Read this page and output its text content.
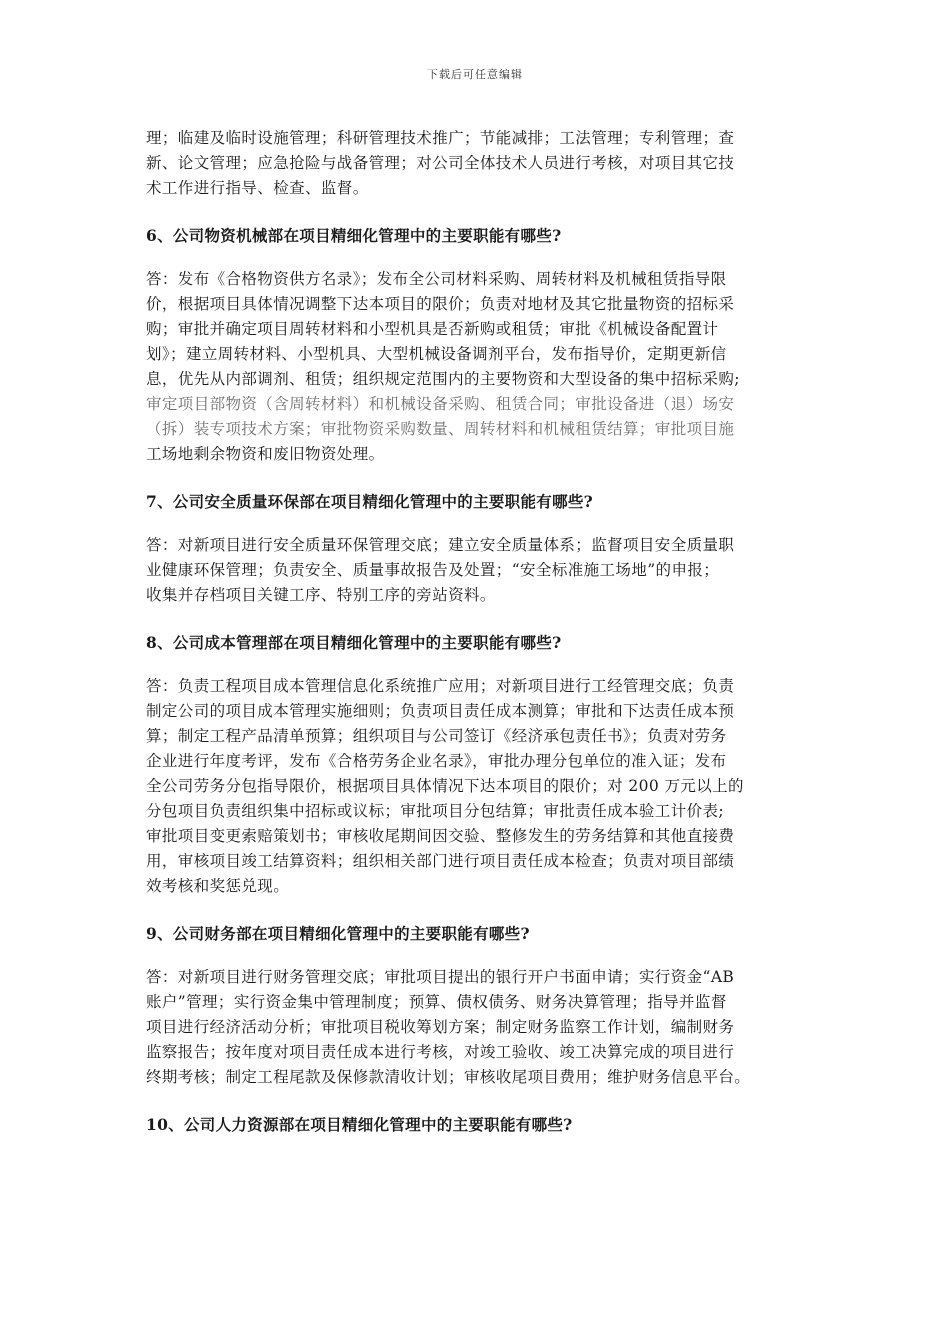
下载后可任意编辑

理；临建及临时设施管理；科研管理技术推广；节能减排；工法管理；专利管理；查
新、论文管理；应急抢险与战备管理；对公司全体技术人员进行考核，对项目其它技
术工作进行指导、检查、监督。

6、公司物资机械部在项目精细化管理中的主要职能有哪些?

答：发布《合格物资供方名录》；发布全公司材料采购、周转材料及机械租赁指导限
价，根据项目具体情况调整下达本项目的限价；负责对地材及其它批量物资的招标采
购；审批并确定项目周转材料和小型机具是否新购或租赁；审批《机械设备配置计
划》；建立周转材料、小型机具、大型机械设备调剂平台，发布指导价，定期更新信
息，优先从内部调剂、租赁；组织规定范围内的主要物资和大型设备的集中招标采购;
审定项目部物资（含周转材料）和机械设备采购、租赁合同；审批设备进（退）场安
（拆）装专项技术方案；审批物资采购数量、周转材料和机械租赁结算；审批项目施
工场地剩余物资和废旧物资处理。

7、公司安全质量环保部在项目精细化管理中的主要职能有哪些?

答：对新项目进行安全质量环保管理交底；建立安全质量体系；监督项目安全质量职
业健康环保管理；负责安全、质量事故报告及处置；“安全标准施工场地”的申报；
收集并存档项目关键工序、特别工序的旁站资料。

8、公司成本管理部在项目精细化管理中的主要职能有哪些?

答：负责工程项目成本管理信息化系统推广应用；对新项目进行工经管理交底；负责
制定公司的项目成本管理实施细则；负责项目责任成本测算；审批和下达责任成本预
算；制定工程产品清单预算；组织项目与公司签订《经济承包责任书》；负责对劳务
企业进行年度考评，发布《合格劳务企业名录》，审批办理分包单位的准入证；发布
全公司劳务分包指导限价，根据项目具体情况下达本项目的限价；对 200 万元以上的
分包项目负责组织集中招标或议标；审批项目分包结算；审批责任成本验工计价表;
审批项目变更索赔策划书；审核收尾期间因交验、整修发生的劳务结算和其他直接费
用，审核项目竣工结算资料；组织相关部门进行项目责任成本检查；负责对项目部绩
效考核和奖惩兑现。

9、公司财务部在项目精细化管理中的主要职能有哪些?

答：对新项目进行财务管理交底；审批项目提出的银行开户书面申请；实行资金“AB
账户”管理；实行资金集中管理制度；预算、债权债务、财务决算管理；指导并监督
项目进行经济活动分析；审批项目税收筹划方案；制定财务监察工作计划，编制财务
监察报告；按年度对项目责任成本进行考核，对竣工验收、竣工决算完成的项目进行
终期考核；制定工程尾款及保修款清收计划；审核收尾项目费用；维护财务信息平台。

10、公司人力资源部在项目精细化管理中的主要职能有哪些?
